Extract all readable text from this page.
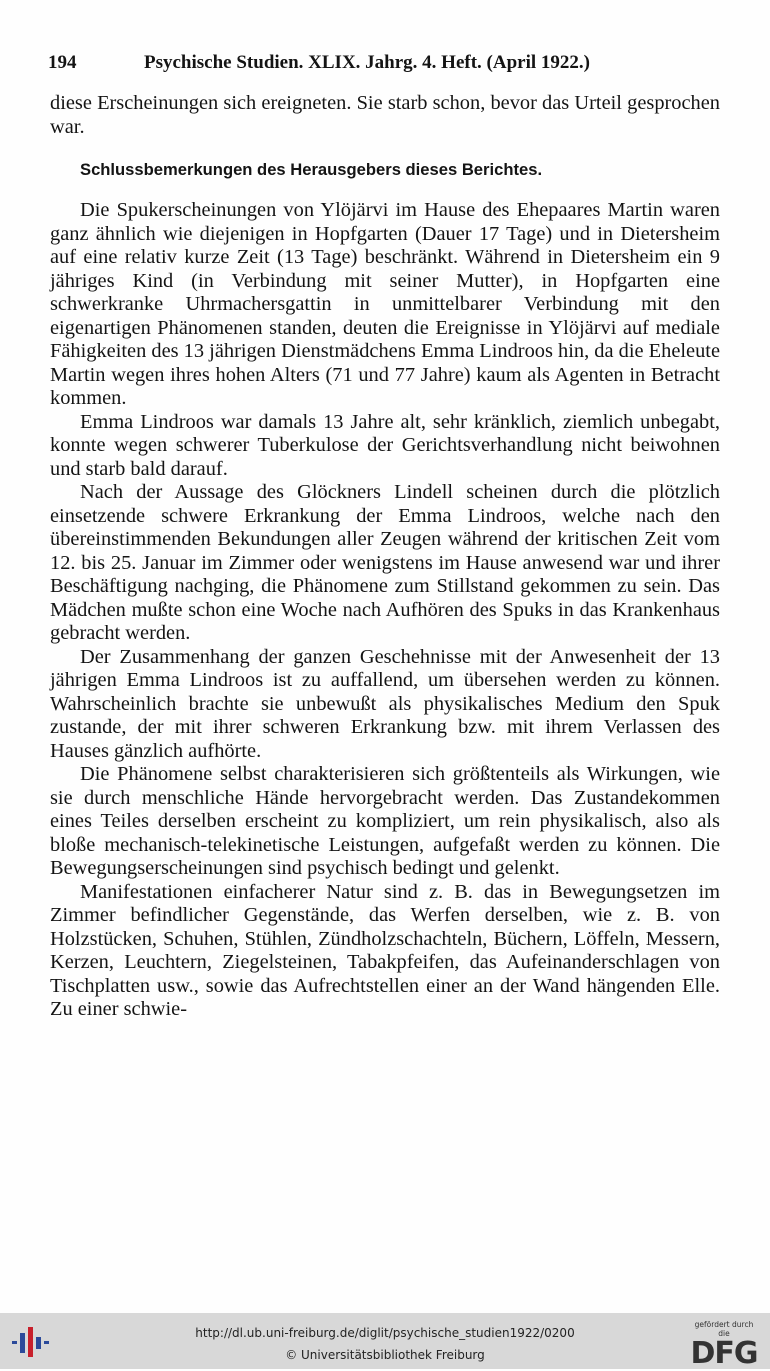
194	Psychische Studien. XLIX. Jahrg. 4. Heft. (April 1922.)

diese Erscheinungen sich ereigneten. Sie starb schon, bevor das Urteil gesprochen war.

Schlussbemerkungen des Herausgebers dieses Berichtes.

Die Spukerscheinungen von Ylöjärvi im Hause des Ehepaares Martin waren ganz ähnlich wie diejenigen in Hopfgarten (Dauer 17 Tage) und in Dietersheim auf eine relativ kurze Zeit (13 Tage) beschränkt. Während in Dietersheim ein 9 jähriges Kind (in Verbindung mit seiner Mutter), in Hopfgarten eine schwerkranke Uhrmachersgattin in unmittelbarer Verbindung mit den eigenartigen Phänomenen standen, deuten die Ereignisse in Ylöjärvi auf mediale Fähigkeiten des 13 jährigen Dienstmädchens Emma Lindroos hin, da die Eheleute Martin wegen ihres hohen Alters (71 und 77 Jahre) kaum als Agenten in Betracht kommen.

Emma Lindroos war damals 13 Jahre alt, sehr kränklich, ziemlich unbegabt, konnte wegen schwerer Tuberkulose der Gerichtsverhandlung nicht beiwohnen und starb bald darauf.

Nach der Aussage des Glöckners Lindell scheinen durch die plötzlich einsetzende schwere Erkrankung der Emma Lindroos, welche nach den übereinstimmenden Bekundungen aller Zeugen während der kritischen Zeit vom 12. bis 25. Januar im Zimmer oder wenigstens im Hause anwesend war und ihrer Beschäftigung nachging, die Phänomene zum Stillstand gekommen zu sein. Das Mädchen mußte schon eine Woche nach Aufhören des Spuks in das Krankenhaus gebracht werden.

Der Zusammenhang der ganzen Geschehnisse mit der Anwesenheit der 13 jährigen Emma Lindroos ist zu auffallend, um übersehen werden zu können. Wahrscheinlich brachte sie unbewußt als physikalisches Medium den Spuk zustande, der mit ihrer schweren Erkrankung bzw. mit ihrem Verlassen des Hauses gänzlich aufhörte.

Die Phänomene selbst charakterisieren sich größtenteils als Wirkungen, wie sie durch menschliche Hände hervorgebracht werden. Das Zustandekommen eines Teiles derselben erscheint zu kompliziert, um rein physikalisch, also als bloße mechanisch-telekinetische Leistungen, aufgefaßt werden zu können. Die Bewegungserscheinungen sind psychisch bedingt und gelenkt.

Manifestationen einfacherer Natur sind z. B. das in Bewegungsetzen im Zimmer befindlicher Gegenstände, das Werfen derselben, wie z. B. von Holzstücken, Schuhen, Stühlen, Zündholzschachteln, Büchern, Löffeln, Messern, Kerzen, Leuchtern, Ziegelsteinen, Tabakpfeifen, das Aufeinanderschlagen von Tischplatten usw., sowie das Aufrechtstellen einer an der Wand hängenden Elle. Zu einer schwie-

http://dl.ub.uni-freiburg.de/diglit/psychische_studien1922/0200
© Universitätsbibliothek Freiburg
gefördert durch die
DFG
